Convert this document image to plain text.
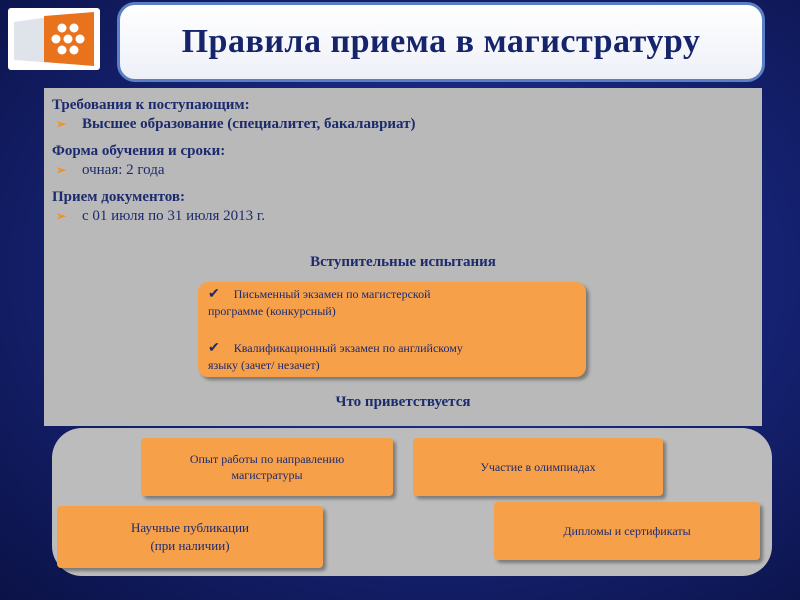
Правила приема в магистратуру
Требования к поступающим:
➢ Высшее образование (специалитет, бакалавриат)
Форма обучения и сроки:
➢ очная: 2 года
Прием документов:
➢ с 01 июля по 31 июля 2013 г.
Вступительные испытания
✔ Письменный экзамен по магистерской
программе (конкурсный)
✔ Квалификационный экзамен по английскому
языку (зачет/ незачет)
Что приветствуется
Опыт работы по направлению
магистратуры
Участие в олимпиадах
Научные публикации
(при наличии)
Дипломы и сертификаты
